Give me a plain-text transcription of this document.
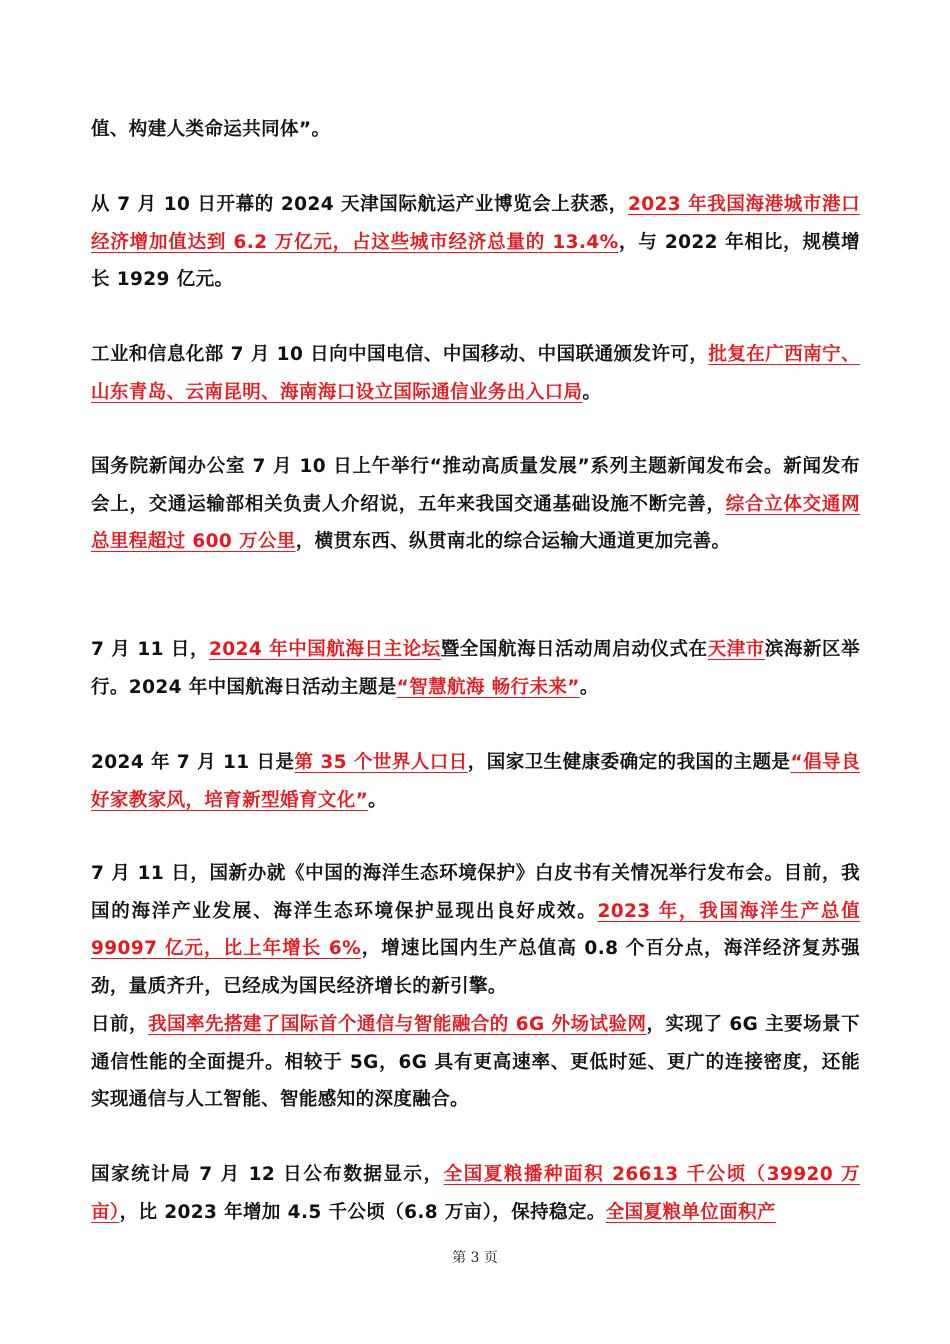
值、构建人类命运共同体”。

从 7 月 10 日开幕的 2024 天津国际航运产业博览会上获悉，2023 年我国海港城市港口经济增加值达到 6.2 万亿元，占这些城市经济总量的 13.4%，与 2022 年相比，规模增长 1929 亿元。

工业和信息化部 7 月 10 日向中国电信、中国移动、中国联通颁发许可，批复在广西南宁、山东青岛、云南昆明、海南海口设立国际通信业务出入口局。

国务院新闻办公室 7 月 10 日上午举行“推动高质量发展”系列主题新闻发布会。新闻发布会上，交通运输部相关负责人介绍说，五年来我国交通基础设施不断完善，综合立体交通网总里程超过 600 万公里，横贯东西、纵贯南北的综合运输大通道更加完善。

7 月 11 日，2024 年中国航海日主论坛暨全国航海日活动周启动仪式在天津市滨海新区举行。2024 年中国航海日活动主题是“智慧航海 畅行未来”。

2024 年 7 月 11 日是第 35 个世界人口日，国家卫生健康委确定的我国的主题是“倡导良好家教家风，培育新型婚育文化”。

7 月 11 日，国新办就《中国的海洋生态环境保护》白皮书有关情况举行发布会。目前，我国的海洋产业发展、海洋生态环境保护显现出良好成效。2023 年，我国海洋生产总值 99097 亿元，比上年增长 6%，增速比国内生产总值高 0.8 个百分点，海洋经济复苏强劲，量质齐升，已经成为国民经济增长的新引擎。

日前，我国率先搭建了国际首个通信与智能融合的 6G 外场试验网，实现了 6G 主要场景下通信性能的全面提升。相较于 5G，6G 具有更高速率、更低时延、更广的连接密度，还能实现通信与人工智能、智能感知的深度融合。

国家统计局 7 月 12 日公布数据显示，全国夏粮播种面积 26613 千公顷（39920 万亩），比 2023 年增加 4.5 千公顷（6.8 万亩），保持稳定。全国夏粮单位面积产

第 3 页
